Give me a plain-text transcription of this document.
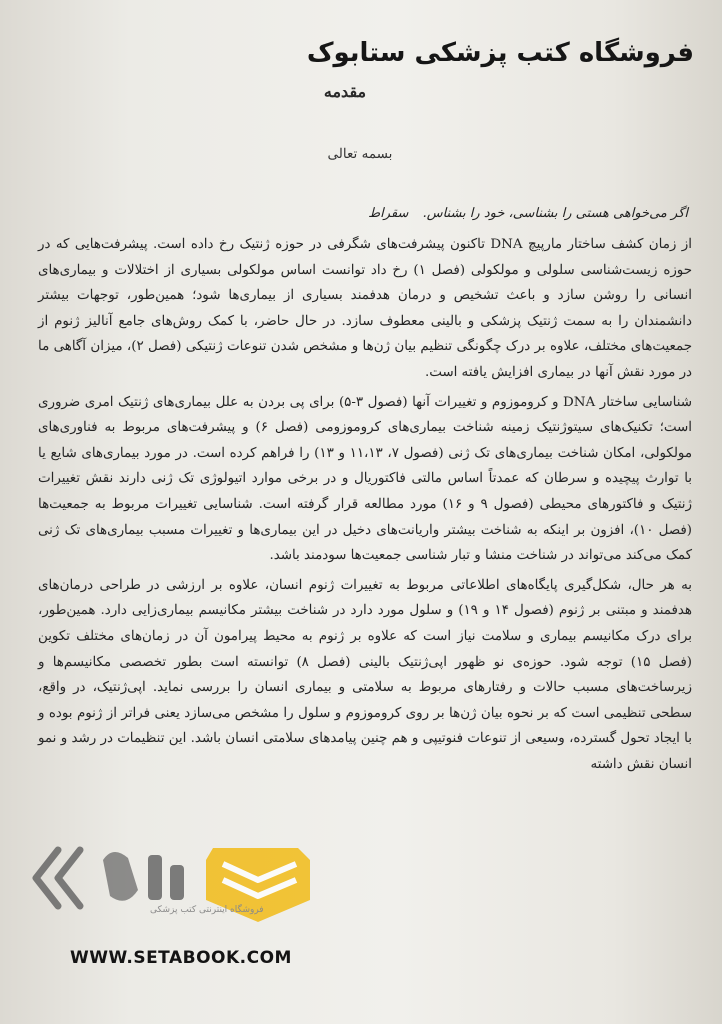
فروشگاه کتب پزشکی ستابوک
مقدمه
بسمه تعالی
اگر می‌خواهی هستی را بشناسی، خود را بشناس. سقراط

از زمان کشف ساختار مارپیچ DNA تاکنون پیشرفت‌های شگرفی در حوزه ژنتیک رخ داده است. پیشرفت‌هایی که در حوزه زیست‌شناسی سلولی و مولکولی (فصل ۱) رخ داد توانست اساس مولکولی بسیاری از اختلالات و بیماری‌های انسانی را روشن سازد و باعث تشخیص و درمان هدفمند بسیاری از بیماری‌ها شود؛ همین‌طور، توجهات بیشتر دانشمندان را به سمت ژنتیک پزشکی و بالینی معطوف سازد. در حال حاضر، با کمک روش‌های جامع آنالیز ژنوم از جمعیت‌های مختلف، علاوه بر درک چگونگی تنظیم بیان ژن‌ها و مشخص شدن تنوعات ژنتیکی (فصل ۲)، میزان آگاهی ما در مورد نقش آنها در بیماری افزایش یافته است.

شناسایی ساختار DNA و کروموزوم و تغییرات آنها (فصول ۳-۵) برای پی بردن به علل بیماری‌های ژنتیک امری ضروری است؛ تکنیک‌های سیتوژنتیک زمینه شناخت بیماری‌های کروموزومی (فصل ۶) و پیشرفت‌های مربوط به فناوری‌های مولکولی، امکان شناخت بیماری‌های تک ژنی (فصول ۷، ۱۱،۱۳ و ۱۳) را فراهم کرده است. در مورد بیماری‌های شایع یا با توارث پیچیده و سرطان که عمدتاً اساس مالتی فاکتوریال و در برخی موارد اتیولوژی تک ژنی دارند نقش تغییرات ژنتیک و فاکتورهای محیطی (فصول ۹ و ۱۶) مورد مطالعه قرار گرفته است. شناسایی تغییرات مربوط به جمعیت‌ها (فصل ۱۰)، افزون بر اینکه به شناخت بیشتر واریانت‌های دخیل در این بیماری‌ها و تغییرات مسبب بیماری‌های تک ژنی کمک می‌کند می‌تواند در شناخت منشا و تبار شناسی جمعیت‌ها سودمند باشد.

به هر حال، شکل‌گیری پایگاه‌های اطلاعاتی مربوط به تغییرات ژنوم انسان، علاوه بر ارزشی در طراحی درمان‌های هدفمند و مبتنی بر ژنوم (فصول ۱۴ و ۱۹) و سلول مورد دارد در شناخت بیشتر مکانیسم بیماری‌زایی دارد. همین‌طور، برای درک مکانیسم بیماری و سلامت نیاز است که علاوه بر ژنوم به محیط پیرامون آن در زمان‌های مختلف تکوین (فصل ۱۵) توجه شود. حوزه‌ی نو ظهور اپی‌ژنتیک بالینی (فصل ۸) توانسته است بطور تخصصی مکانیسم‌ها و زیرساخت‌های مسبب حالات و رفتارهای مربوط به سلامتی و بیماری انسان را بررسی نماید. اپی‌ژنتیک، در واقع، سطحی تنظیمی است که بر نحوه بیان ژن‌ها بر روی کروموزوم و سلول را مشخص می‌سازد یعنی فراتر از ژنوم بوده و با ایجاد تحول گسترده، وسیعی از تنوعات فنوتیپی و هم چنین پیامدهای سلامتی انسان باشد. این تنظیمات در رشد و نمو انسان نقش داشته

فروشگاه اینترنتی کتب پزشکی
WWW.SETABOOK.COM
